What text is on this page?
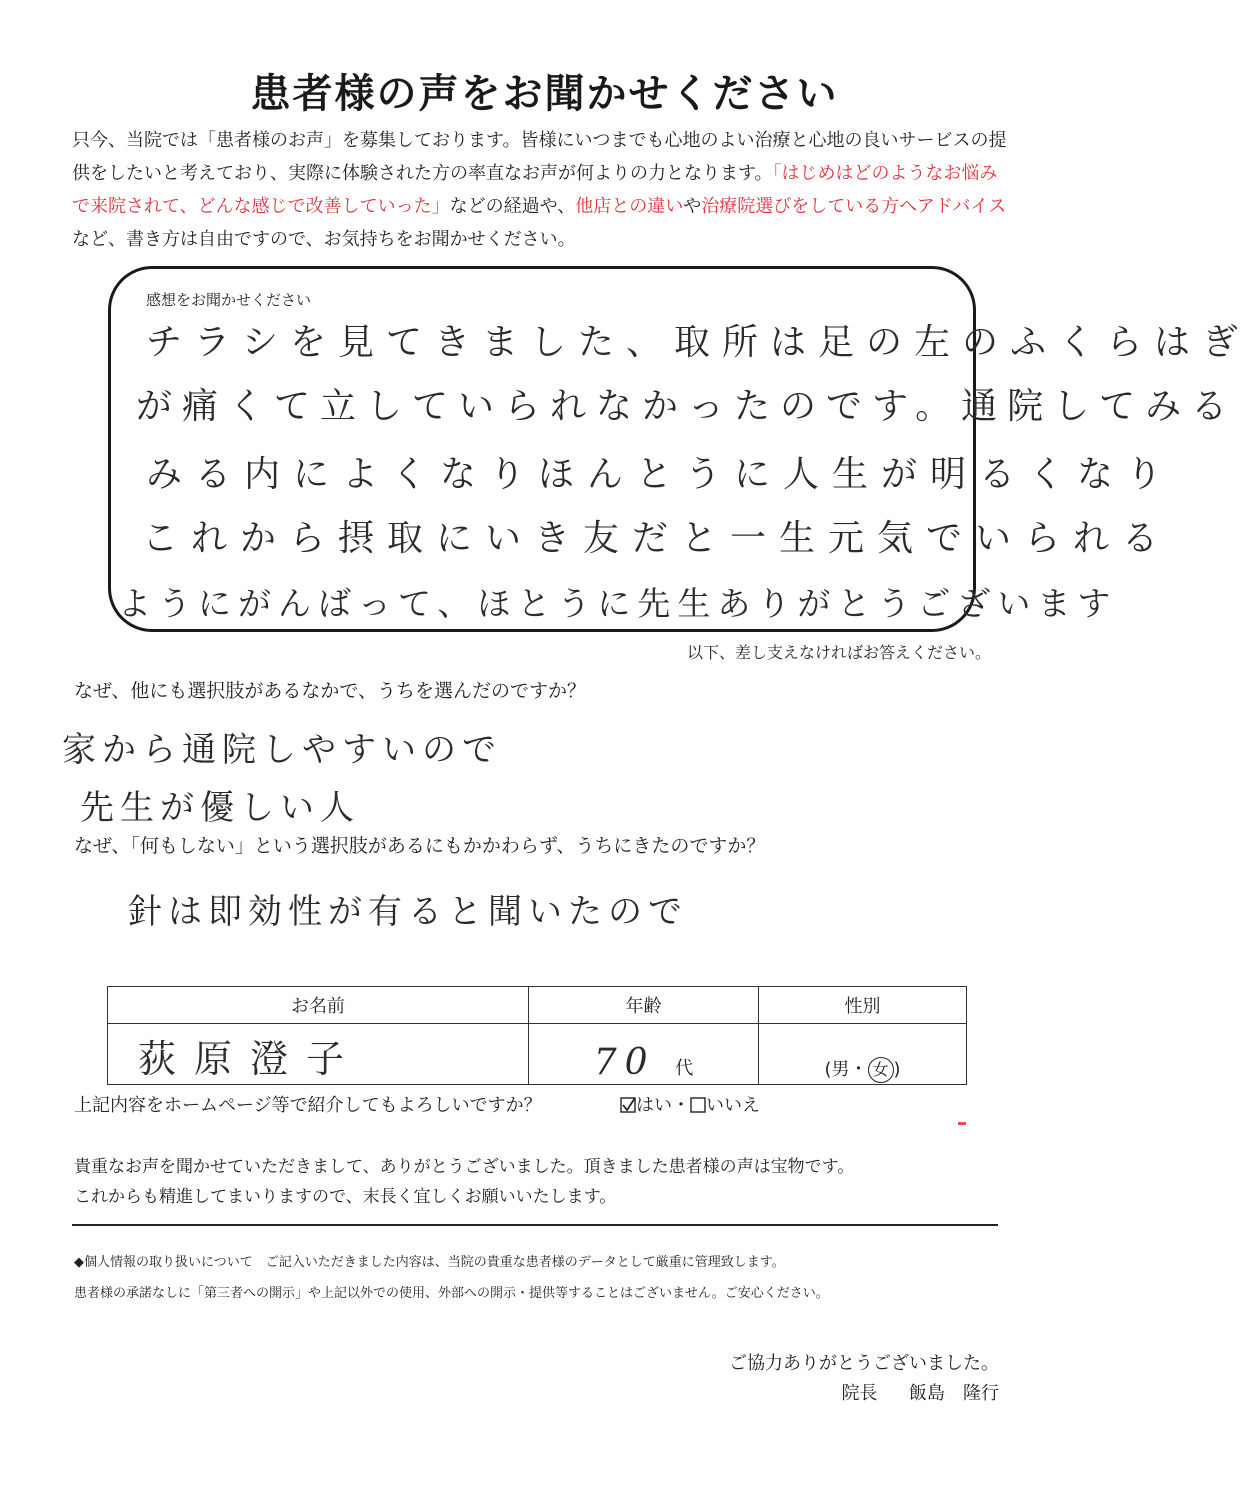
患者様の声をお聞かせください
只今、当院では「患者様のお声」を募集しております。皆様にいつまでも心地のよい治療と心地の良いサービスの提供をしたいと考えており、実際に体験された方の率直なお声が何よりの力となります。「はじめはどのようなお悩みで来院されて、どんな感じで改善していった」などの経過や、他店との違いや治療院選びをしている方へアドバイスなど、書き方は自由ですので、お気持ちをお聞かせください。
感想をお聞かせください
チラシを見てきました、取所は足の左のふくらはぎ
が痛くて立していられなかったのです。通院してみる
みる内によくなりほんとうに人生が明るくなり
これから摂取にいき友だと一生元気でいられる
ようにがんばって、ほとうに先生ありがとうございます
以下、差し支えなければお答えください。
なぜ、他にも選択肢があるなかで、うちを選んだのですか？
家から通院しやすいので
先生が優しい人
なぜ、「何もしない」という選択肢があるにもかかわらず、うちにきたのですか？
針は即効性が有ると聞いたので
お名前	年齢	性別
荻原澄子	70 代	(男・ 女 )
上記内容をホームページ等で紹介してもよろしいですか？	はい・ いいえ
貴重なお声を聞かせていただきまして、ありがとうございました。頂きました患者様の声は宝物です。
これからも精進してまいりますので、末長く宜しくお願いいたします。
◆個人情報の取り扱いについて　ご記入いただきました内容は、当院の貴重な患者様のデータとして厳重に管理致します。
患者様の承諾なしに「第三者への開示」や上記以外での使用、外部への開示・提供等することはございません。ご安心ください。
ご協力ありがとうございました。
院長 飯島　隆行
